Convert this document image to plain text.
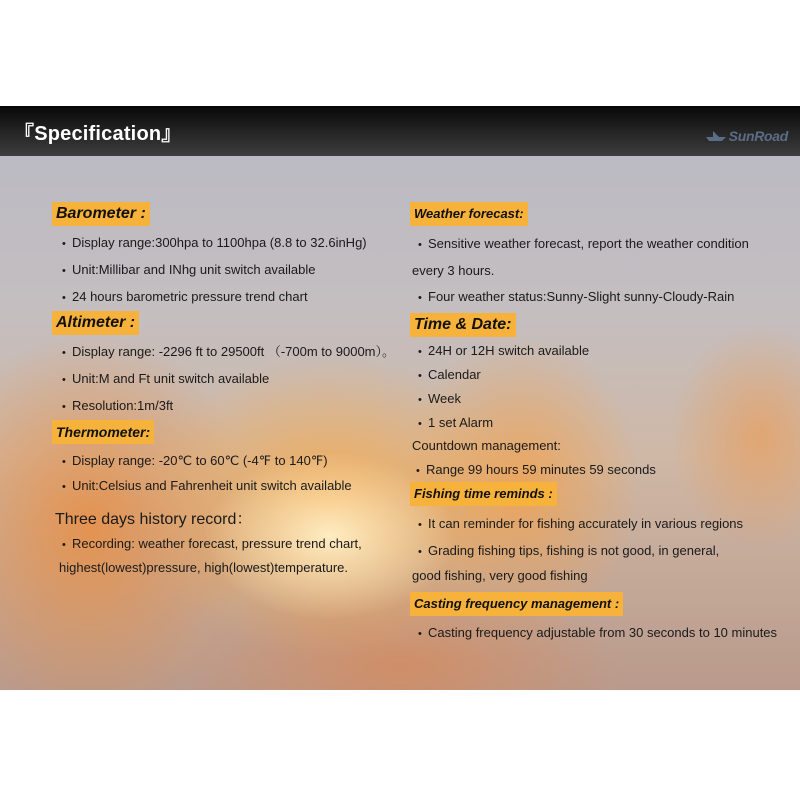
『Specification』	SunRoad
Barometer :
• Display range:300hpa to 1100hpa (8.8 to 32.6inHg)
• Unit:Millibar and INhg unit switch available
• 24 hours barometric pressure trend chart
Altimeter :
• Display range: -2296 ft to 29500ft （-700m to 9000m）。
• Unit:M and Ft unit switch available
• Resolution:1m/3ft
Thermometer:
• Display range: -20℃ to 60℃ (-4℉ to 140℉)
• Unit:Celsius and Fahrenheit unit switch available
Three days history record：
• Recording: weather forecast, pressure trend chart,
highest(lowest)pressure, high(lowest)temperature.
Weather forecast:
• Sensitive weather forecast, report the weather condition
every 3 hours.
• Four weather status:Sunny-Slight sunny-Cloudy-Rain
Time & Date:
• 24H or 12H switch available
• Calendar
• Week
• 1 set Alarm
Countdown management:
• Range 99 hours 59 minutes 59 seconds
Fishing time reminds :
• It can reminder for fishing accurately in various regions
• Grading fishing tips, fishing is not good, in general,
good fishing, very good fishing
Casting frequency management :
• Casting frequency adjustable from 30 seconds to 10 minutes
